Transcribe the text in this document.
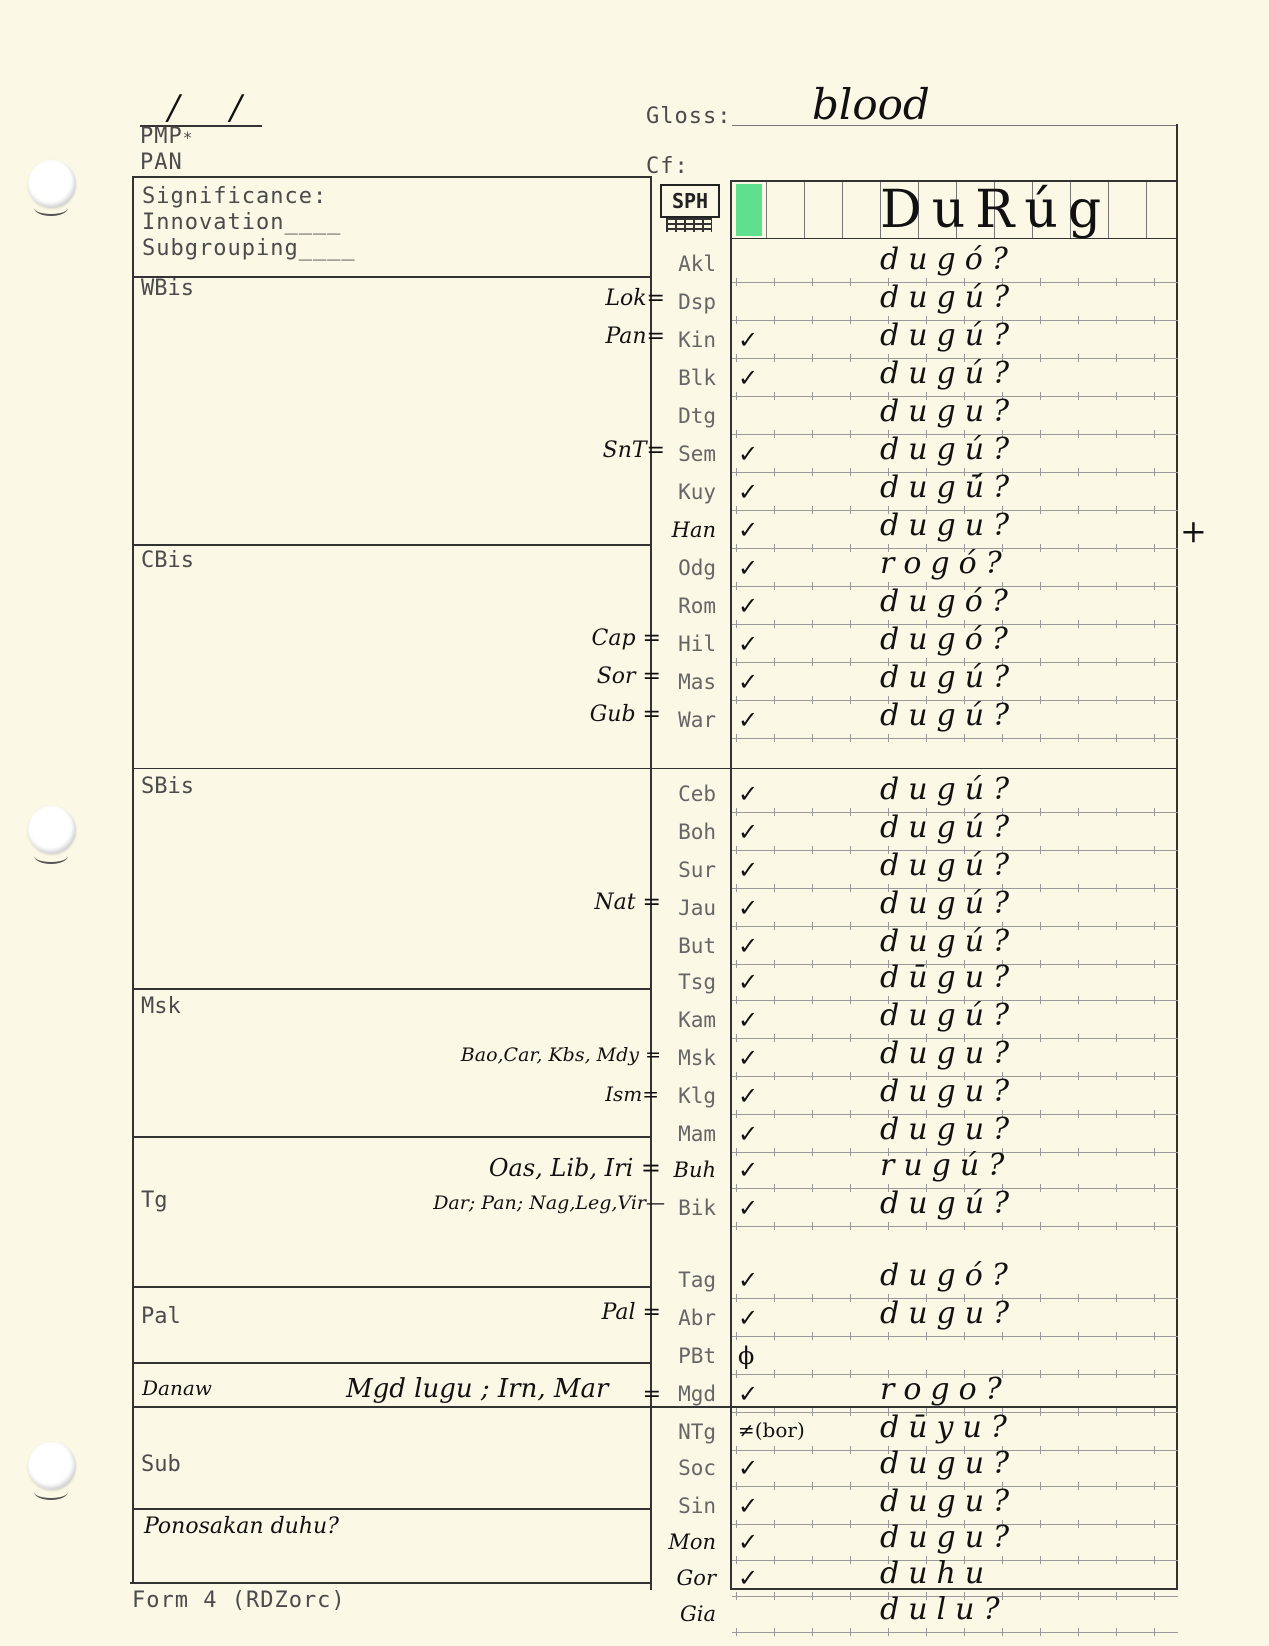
/ /
PMP*
PAN
Gloss: blood
Cf:
Significance:
Innovation____
Subgrouping____
SPH	DuRúg
WBis
CBis
SBis
Msk
Tg
Pal
Danaw
Sub
Ponosakan duhu?
Mgd lugu ; Irn, Mar
Lok=
Pan=
SnT=
Cap =
Sor =
Gub =
Nat =
Bao,Car, Kbs, Mdy =
Ism=
Oas, Lib, Iri =
Dar; Pan; Nag,Leg,Vir—
Pal =
=
+
Akl	dugó?
Dsp	dugú?
Kin ✓	dugú?
Blk ✓	dugú?
Dtg	dugu?
Sem ✓	dugú?
Kuy ✓	dugū́?
Han ✓	dugu?
Odg ✓	rogó?
Rom ✓	dugó?
Hil ✓	dugó?
Mas ✓	dugú?
War ✓	dugú?
Ceb ✓	dugú?
Boh ✓	dugú?
Sur ✓	dugú?
Jau ✓	dugú?
But ✓	dugú?
Tsg ✓	dūgu?
Kam ✓	dugú?
Msk ✓	dugu?
Klg ✓	dugu?
Mam ✓	dugu?
Buh ✓	rugú?
Bik ✓	dugú?
Tag ✓	dugó?
Abr ✓	dugu?
PBt ϕ
Mgd ✓	rogo?
NTg ≠(bor)	dūyu?
Soc ✓	dugu?
Sin ✓	dugu?
Mon ✓	dugu?
Gor ✓	duhu
Gia	dulu?
Form 4 (RDZorc)
